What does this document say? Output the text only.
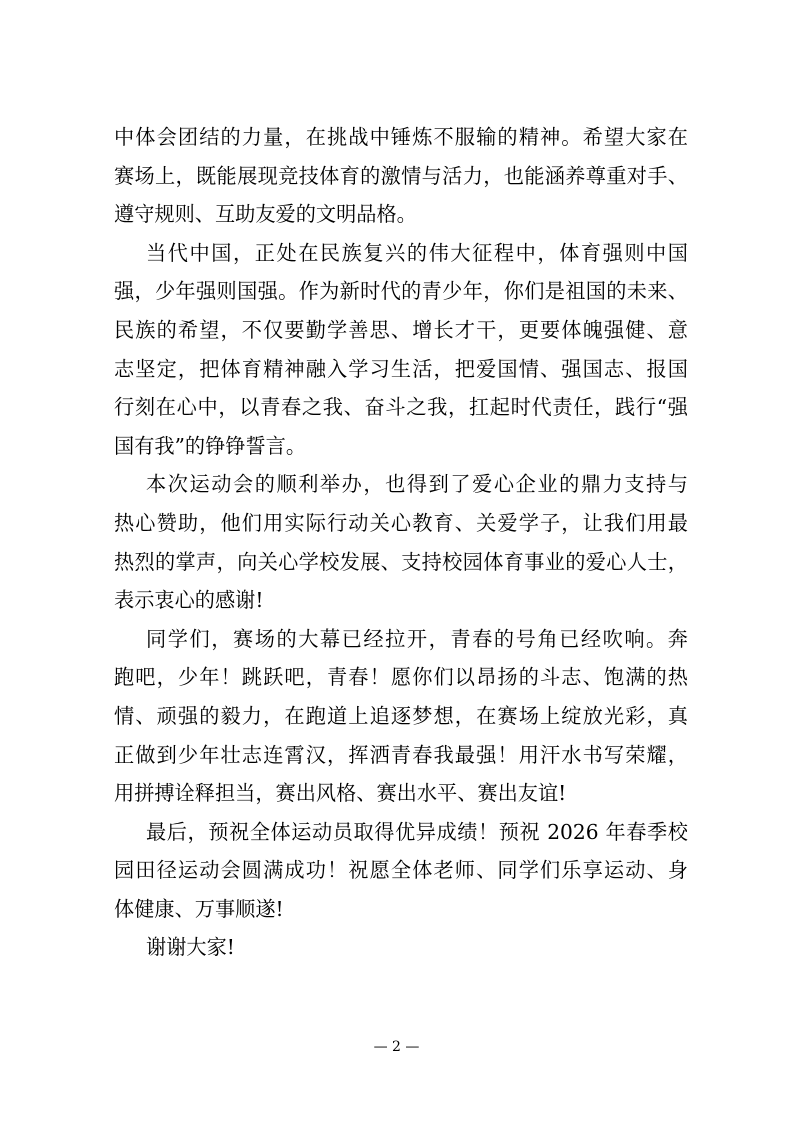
中体会团结的力量，在挑战中锤炼不服输的精神。希望大家在
赛场上，既能展现竞技体育的激情与活力，也能涵养尊重对手、
遵守规则、互助友爱的文明品格。
当代中国，正处在民族复兴的伟大征程中，体育强则中国
强，少年强则国强。作为新时代的青少年，你们是祖国的未来、
民族的希望，不仅要勤学善思、增长才干，更要体魄强健、意
志坚定，把体育精神融入学习生活，把爱国情、强国志、报国
行刻在心中，以青春之我、奋斗之我，扛起时代责任，践行“强
国有我”的铮铮誓言。
本次运动会的顺利举办，也得到了爱心企业的鼎力支持与
热心赞助，他们用实际行动关心教育、关爱学子，让我们用最
热烈的掌声，向关心学校发展、支持校园体育事业的爱心人士，
表示衷心的感谢!
同学们，赛场的大幕已经拉开，青春的号角已经吹响。奔
跑吧，少年！跳跃吧，青春！愿你们以昂扬的斗志、饱满的热
情、顽强的毅力，在跑道上追逐梦想，在赛场上绽放光彩，真
正做到少年壮志连霄汉，挥洒青春我最强！用汗水书写荣耀，
用拼搏诠释担当，赛出风格、赛出水平、赛出友谊!
最后，预祝全体运动员取得优异成绩！预祝 2026 年春季校
园田径运动会圆满成功！祝愿全体老师、同学们乐享运动、身
体健康、万事顺遂!
谢谢大家!
— 2 —
